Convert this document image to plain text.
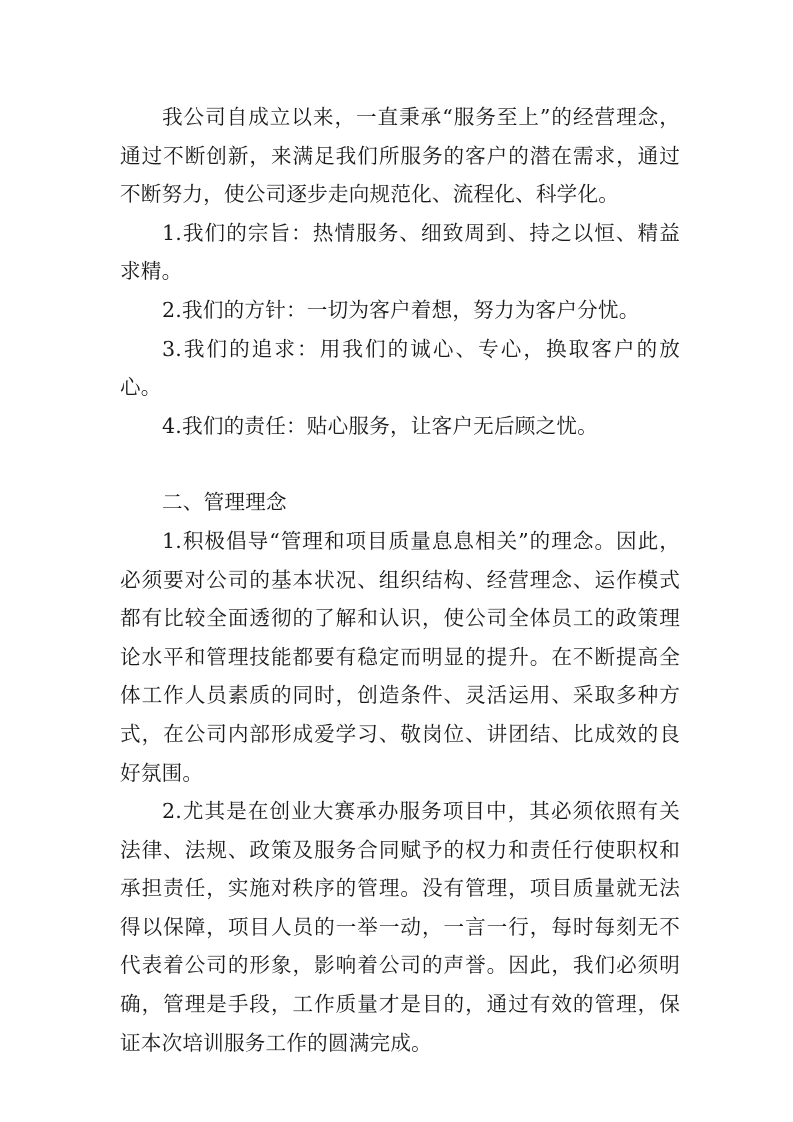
我公司自成立以来，一直秉承“服务至上”的经营理念，通过不断创新，来满足我们所服务的客户的潜在需求，通过不断努力，使公司逐步走向规范化、流程化、科学化。

1.我们的宗旨：热情服务、细致周到、持之以恒、精益求精。

2.我们的方针：一切为客户着想，努力为客户分忧。

3.我们的追求：用我们的诚心、专心，换取客户的放心。

4.我们的责任：贴心服务，让客户无后顾之忧。

二、管理理念

1.积极倡导“管理和项目质量息息相关”的理念。因此，必须要对公司的基本状况、组织结构、经营理念、运作模式都有比较全面透彻的了解和认识，使公司全体员工的政策理论水平和管理技能都要有稳定而明显的提升。在不断提高全体工作人员素质的同时，创造条件、灵活运用、采取多种方式，在公司内部形成爱学习、敬岗位、讲团结、比成效的良好氛围。

2.尤其是在创业大赛承办服务项目中，其必须依照有关法律、法规、政策及服务合同赋予的权力和责任行使职权和承担责任，实施对秩序的管理。没有管理，项目质量就无法得以保障，项目人员的一举一动，一言一行，每时每刻无不代表着公司的形象，影响着公司的声誉。因此，我们必须明确，管理是手段，工作质量才是目的，通过有效的管理，保证本次培训服务工作的圆满完成。
